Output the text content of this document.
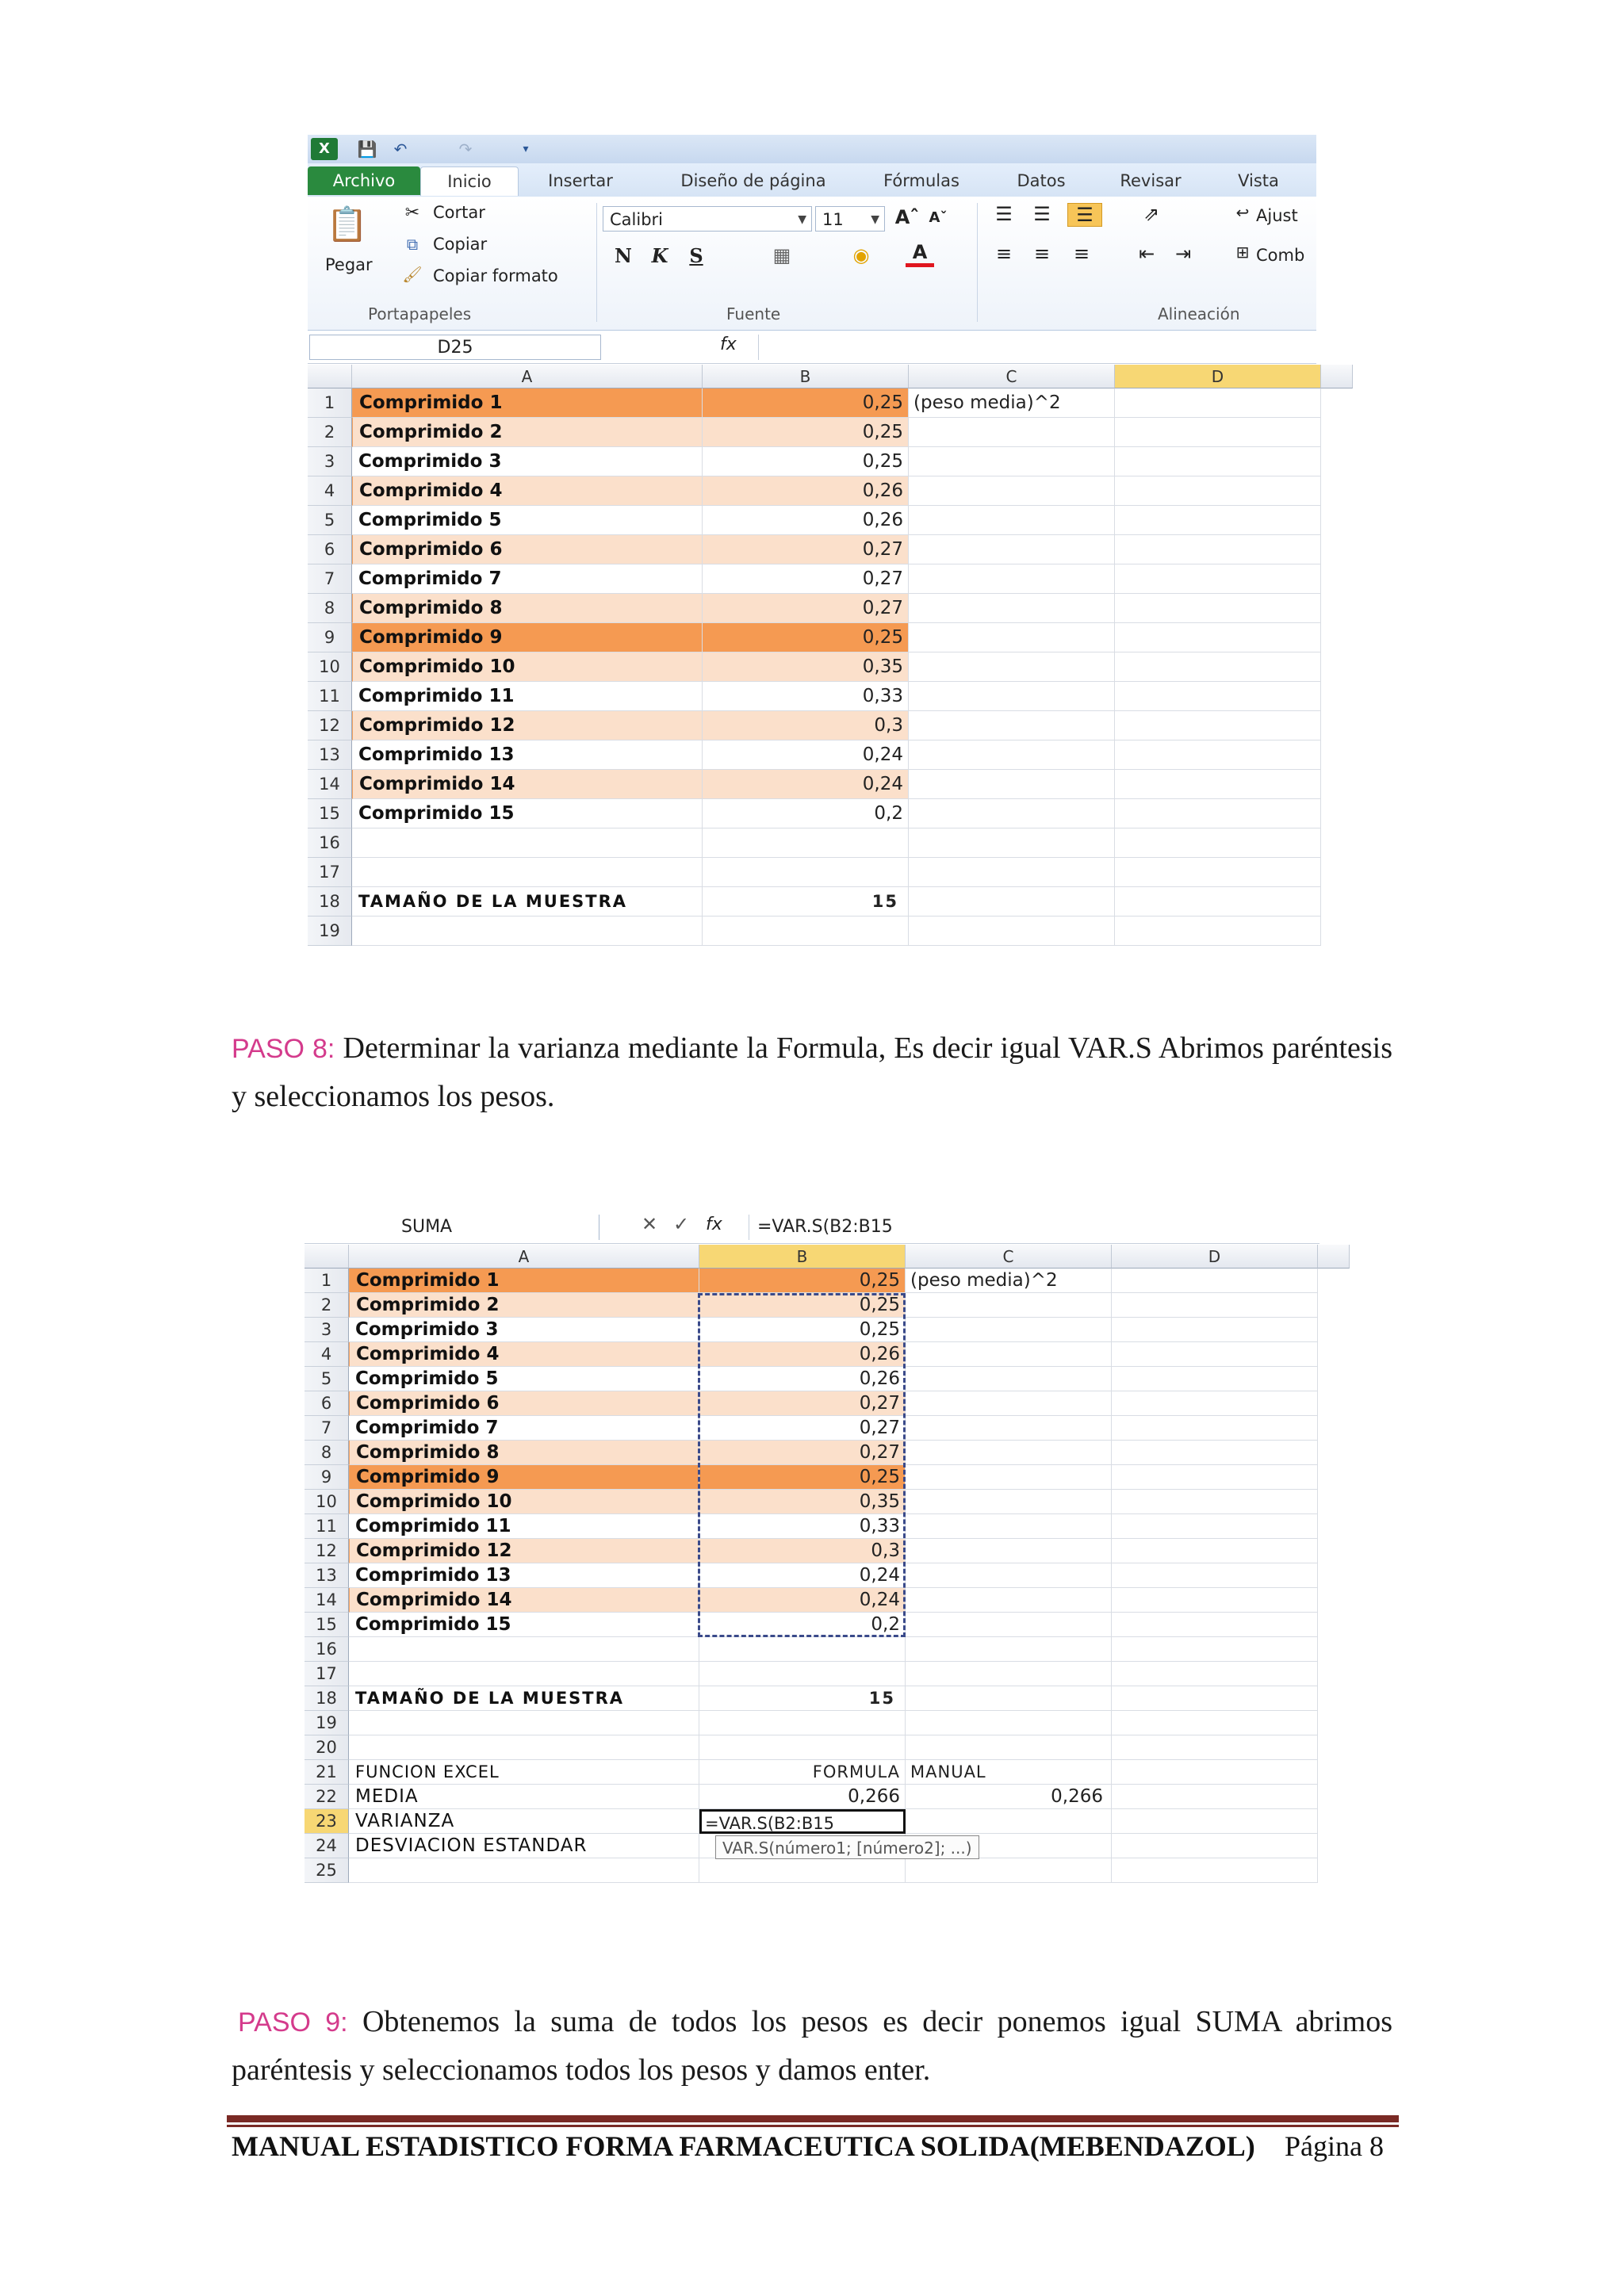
X	💾 ↶	↷	▾
Archivo	Inicio	Insertar	Diseño de página	Fórmulas	Datos	Revisar	Vista
📋
Pegar
✂ Cortar
⧉ Copiar
🖌 Copiar formato
Portapapeles
Calibri	▼ 11 ▼ Aˆ Aˇ
N K S	▦	◉	A
Fuente
☰	☰	☰	⇗
≡	≡	≡	⇤	⇥
↩ Ajust
⊞ Comb
Alineación
D25	fx
A	B	C	D
1	Comprimido 1	0,25 (peso media)^2
2	Comprimido 2	0,25
3	Comprimido 3	0,25
4	Comprimido 4	0,26
5	Comprimido 5	0,26
6	Comprimido 6	0,27
7	Comprimido 7	0,27
8	Comprimido 8	0,27
9	Comprimido 9	0,25
10	Comprimido 10	0,35
11	Comprimido 11	0,33
12	Comprimido 12	0,3
13	Comprimido 13	0,24
14	Comprimido 14	0,24
15	Comprimido 15	0,2
16
17
18	TAMAÑO DE LA MUESTRA	15
19
PASO 8: Determinar la varianza mediante la Formula, Es decir igual VAR.S Abrimos paréntesis y seleccionamos los pesos.
SUMA	✕ ✓ fx	=VAR.S(B2:B15
A	B	C	D
1	Comprimido 1	0,25 (peso media)^2
2	Comprimido 2	0,25
3	Comprimido 3	0,25
4	Comprimido 4	0,26
5	Comprimido 5	0,26
6	Comprimido 6	0,27
7	Comprimido 7	0,27
8	Comprimido 8	0,27
9	Comprimido 9	0,25
10	Comprimido 10	0,35
11	Comprimido 11	0,33
12	Comprimido 12	0,3
13	Comprimido 13	0,24
14	Comprimido 14	0,24
15	Comprimido 15	0,2
16
17
18	TAMAÑO DE LA MUESTRA	15
19
20
21	FUNCION EXCEL	FORMULA MANUAL
22	MEDIA	0,266	0,266
23	VARIANZA	=VAR.S(B2:B15
24	DESVIACION ESTANDAR
25
VAR.S(número1; [número2]; ...)
PASO 9: Obtenemos la suma de todos los pesos es decir ponemos igual SUMA abrimos paréntesis y seleccionamos todos los pesos y damos enter.
MANUAL ESTADISTICO FORMA FARMACEUTICA SOLIDA(MEBENDAZOL) Página 8
